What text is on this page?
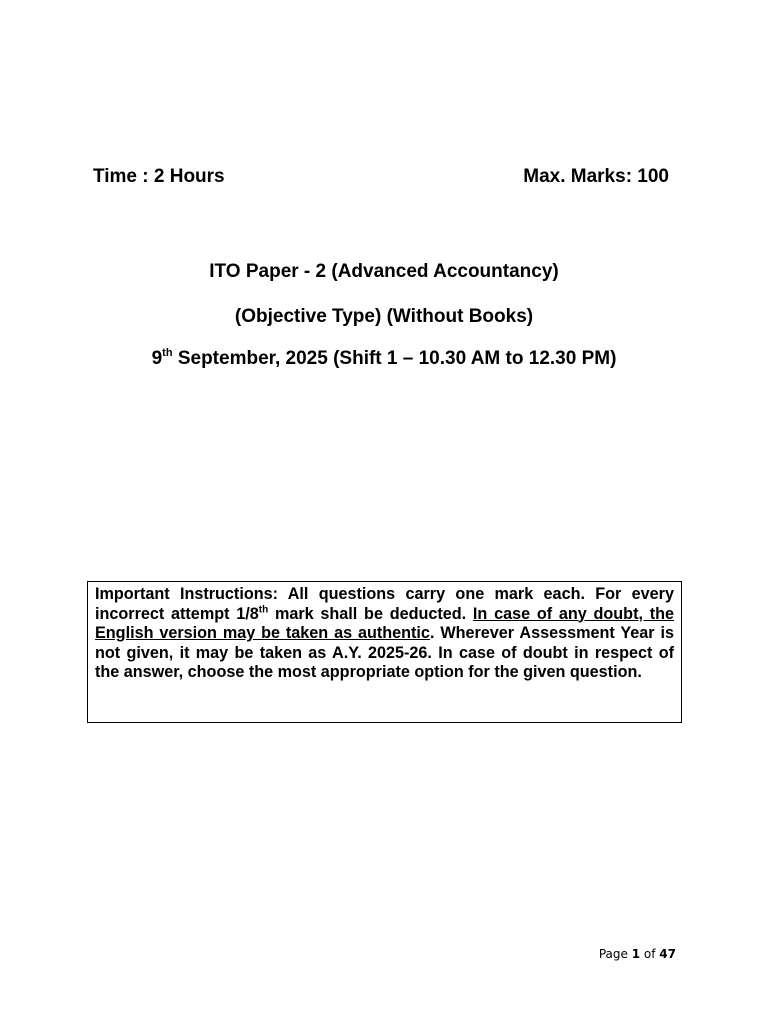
Time : 2 Hours	Max. Marks: 100
ITO Paper - 2 (Advanced Accountancy)
(Objective Type) (Without Books)
9th September, 2025 (Shift 1 – 10.30 AM to 12.30 PM)

Important Instructions: All questions carry one mark each. For every incorrect attempt 1/8th mark shall be deducted. In case of any doubt, the English version may be taken as authentic. Wherever Assessment Year is not given, it may be taken as A.Y. 2025-26. In case of doubt in respect of the answer, choose the most appropriate option for the given question.

Page 1 of 47
